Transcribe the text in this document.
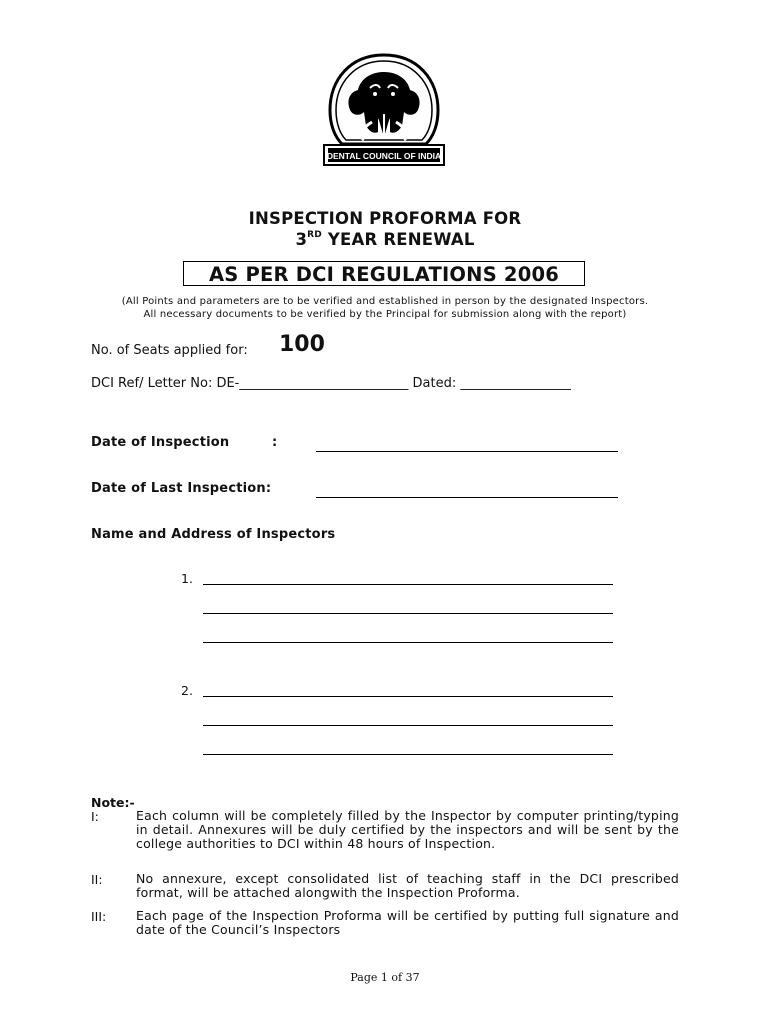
DENTAL COUNCIL OF INDIA
INSPECTION PROFORMA FOR
3RD YEAR RENEWAL
AS PER DCI REGULATIONS 2006
(All Points and parameters are to be verified and established in person by the designated Inspectors.
All necessary documents to be verified by the Principal for submission along with the report)
No. of Seats applied for: 100
DCI Ref/ Letter No: DE-__________________________ Dated: _________________
Date of Inspection	:
Date of Last Inspection:
Name and Address of Inspectors
1.
2.
Note:-
I:	Each column will be completely filled by the Inspector by computer printing/typing in detail. Annexures will be duly certified by the inspectors and will be sent by the college authorities to DCI within 48 hours of Inspection.
II:	No annexure, except consolidated list of teaching staff in the DCI prescribed format, will be attached alongwith the Inspection Proforma.
III: Each page of the Inspection Proforma will be certified by putting full signature and date of the Council’s Inspectors
Page 1 of 37
